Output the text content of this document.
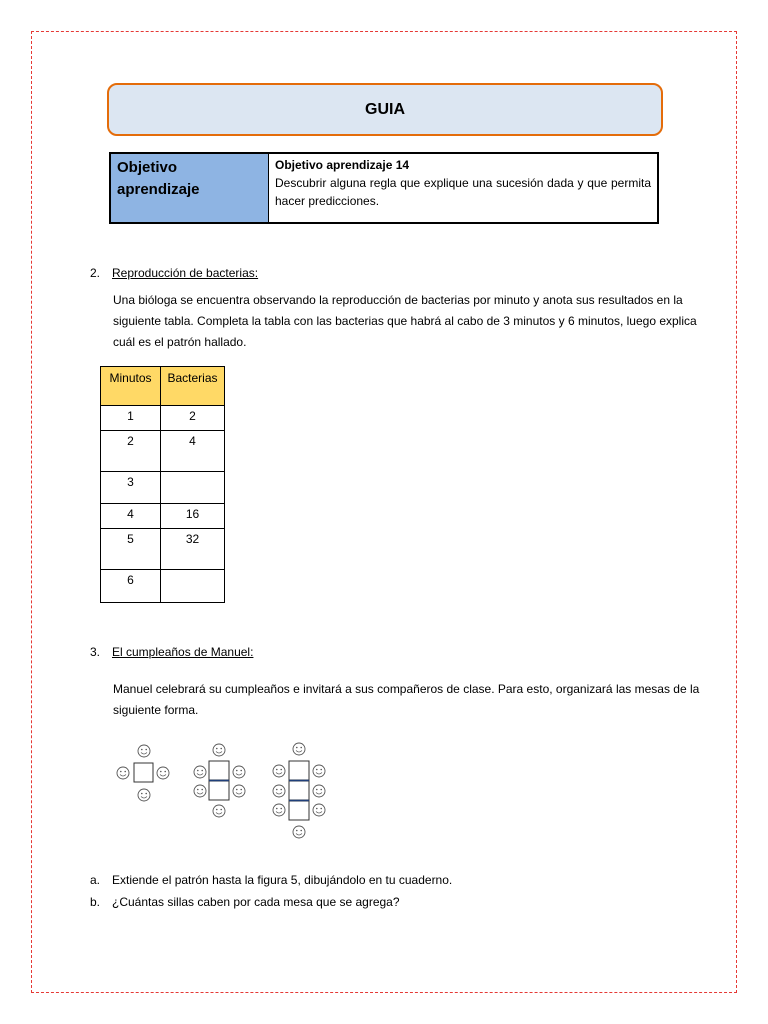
GUIA
Objetivo aprendizaje
Objetivo aprendizaje 14
Descubrir alguna regla que explique una sucesión dada y que permita hacer predicciones.
2. Reproducción de bacterias:
Una bióloga se encuentra observando la reproducción de bacterias por minuto y anota sus resultados en la siguiente tabla. Completa la tabla con las bacterias que habrá al cabo de 3 minutos y 6 minutos, luego explica cuál es el patrón hallado.
Minutos	Bacterias
1	2
2	4
3	
4	16
5	32
6	
3. El cumpleaños de Manuel:
Manuel celebrará su cumpleaños e invitará a sus compañeros de clase. Para esto, organizará las mesas de la siguiente forma.
a. Extiende el patrón hasta la figura 5, dibujándolo en tu cuaderno.
b. ¿Cuántas sillas caben por cada mesa que se agrega?
